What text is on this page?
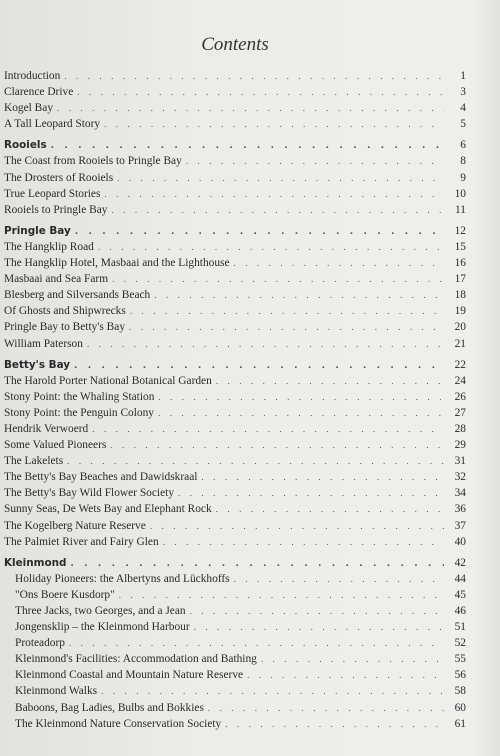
Contents
Introduction . . .	1
Clarence Drive . . .	3
Kogel Bay . . .	4
A Tall Leopard Story . . .	5
Rooiels . . .	6
The Coast from Rooiels to Pringle Bay . . .	8
The Drosters of Rooiels . . .	9
True Leopard Stories . . .	10
Rooiels to Pringle Bay . . .	11
Pringle Bay . . .	12
The Hangklip Road . . .	15
The Hangklip Hotel, Masbaai and the Lighthouse . . .	16
Masbaai and Sea Farm . . .	17
Blesberg and Silversands Beach . . .	18
Of Ghosts and Shipwrecks . . .	19
Pringle Bay to Betty's Bay . . .	20
William Paterson . . .	21
Betty's Bay . . .	22
The Harold Porter National Botanical Garden . . .	24
Stony Point: the Whaling Station . . .	26
Stony Point: the Penguin Colony . . .	27
Hendrik Verwoerd . . .	28
Some Valued Pioneers . . .	29
The Lakelets . . .	31
The Betty's Bay Beaches and Dawidskraal . . .	32
The Betty's Bay Wild Flower Society . . .	34
Sunny Seas, De Wets Bay and Elephant Rock . . .	36
The Kogelberg Nature Reserve . . .	37
The Palmiet River and Fairy Glen . . .	40
Kleinmond . . .	42
Holiday Pioneers: the Albertyns and Lückhoffs . . .	44
"Ons Boere Kusdorp" . . .	45
Three Jacks, two Georges, and a Jean . . .	46
Jongensklip – the Kleinmond Harbour . . .	51
Proteadorp . . .	52
Kleinmond's Facilities: Accommodation and Bathing . . .	55
Kleinmond Coastal and Mountain Nature Reserve . . .	56
Kleinmond Walks . . .	58
Baboons, Bag Ladies, Bulbs and Bokkies . . .	60
The Kleinmond Nature Conservation Society . . .	61
